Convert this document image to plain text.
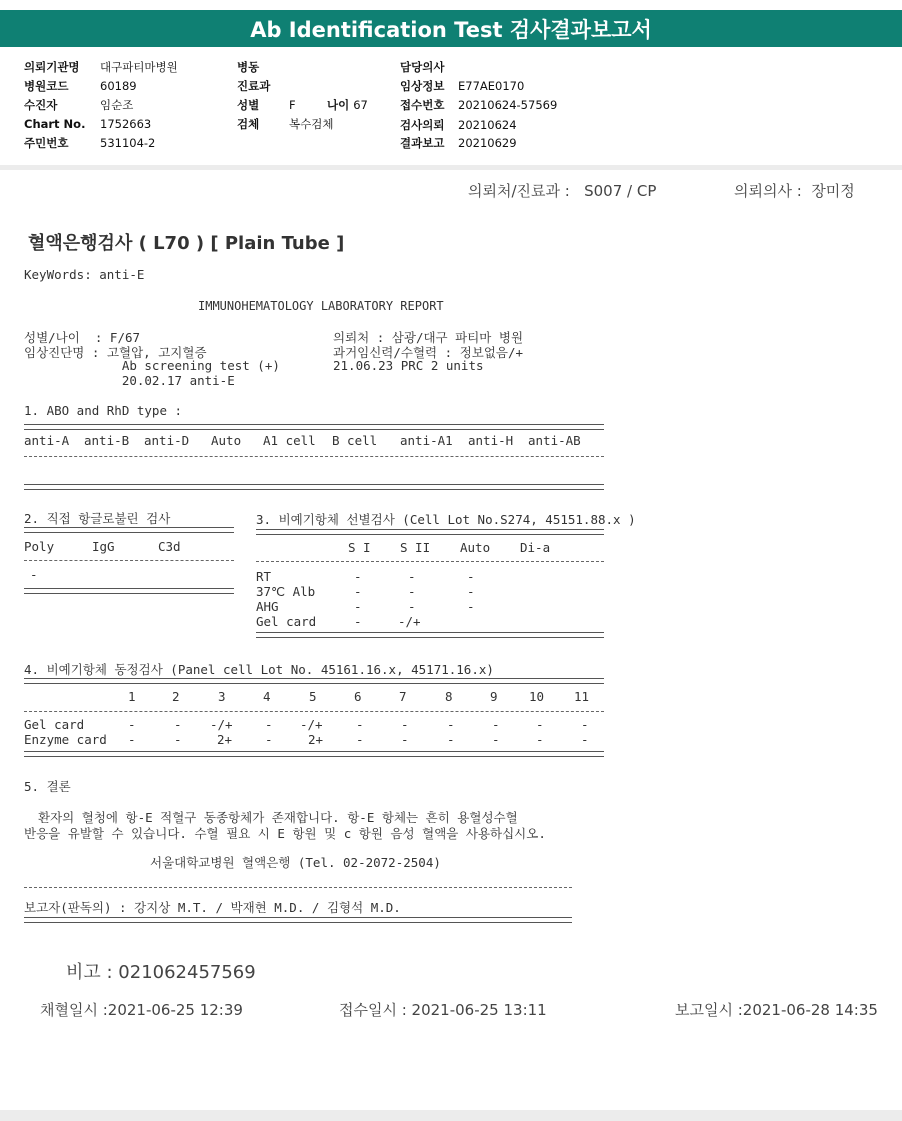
Ab Identification Test 검사결과보고서
의뢰기관명 대구파티마병원
병원코드	60189
수진자	임순조
Chart No. 1752663
주민번호	531104-2
병동
진료과
성별	F	나이 67
검체	복수검체
담당의사
임상정보 E77AE0170
접수번호 20210624-57569
검사의뢰 20210624
결과보고 20210629
의뢰처/진료과 :   S007 / CP	의뢰의사 :  장미정
혈액은행검사 ( L70 ) [ Plain Tube ]
KeyWords: anti-E
IMMUNOHEMATOLOGY LABORATORY REPORT
성별/나이  : F/67
임상진단명 : 고혈압, 고지혈증
Ab screening test (+)
20.02.17 anti-E
의뢰처 : 삼광/대구 파티마 병원
과거임신력/수혈력 : 정보없음/+
21.06.23 PRC 2 units
1. ABO and RhD type :
anti-A anti-B anti-D Auto A1 cell B cell anti-A1 anti-H anti-AB
2. 직접 항글로불린 검사
Poly	IgG	C3d
-
3. 비예기항체 선별검사 (Cell Lot No.S274, 45151.88.x )
S I S II Auto Di-a
RT	-	-	-
37℃ Alb	-	-	-
AHG	-	-	-
Gel card	-	-/+
4. 비예기항체 동정검사 (Panel cell Lot No. 45161.16.x, 45171.16.x)
1	2	3	4	5	6	7	8	9	10 11
Gel card	-	- -/+	- -/+	-	-	-	-	-	-
Enzyme card -	-	2+	-	2+	-	-	-	-	-	-
5. 결론
환자의 혈청에 항-E 적혈구 동종항체가 존재합니다. 항-E 항체는 흔히 용혈성수혈
반응을 유발할 수 있습니다. 수혈 필요 시 E 항원 및 c 항원 음성 혈액을 사용하십시오.
서울대학교병원 혈액은행 (Tel. 02-2072-2504)
보고자(판독의) : 강지상 M.T. / 박재현 M.D. / 김형석 M.D.
비고 : 021062457569
채혈일시 :2021-06-25 12:39	접수일시 : 2021-06-25 13:11	보고일시 :2021-06-28 14:35
